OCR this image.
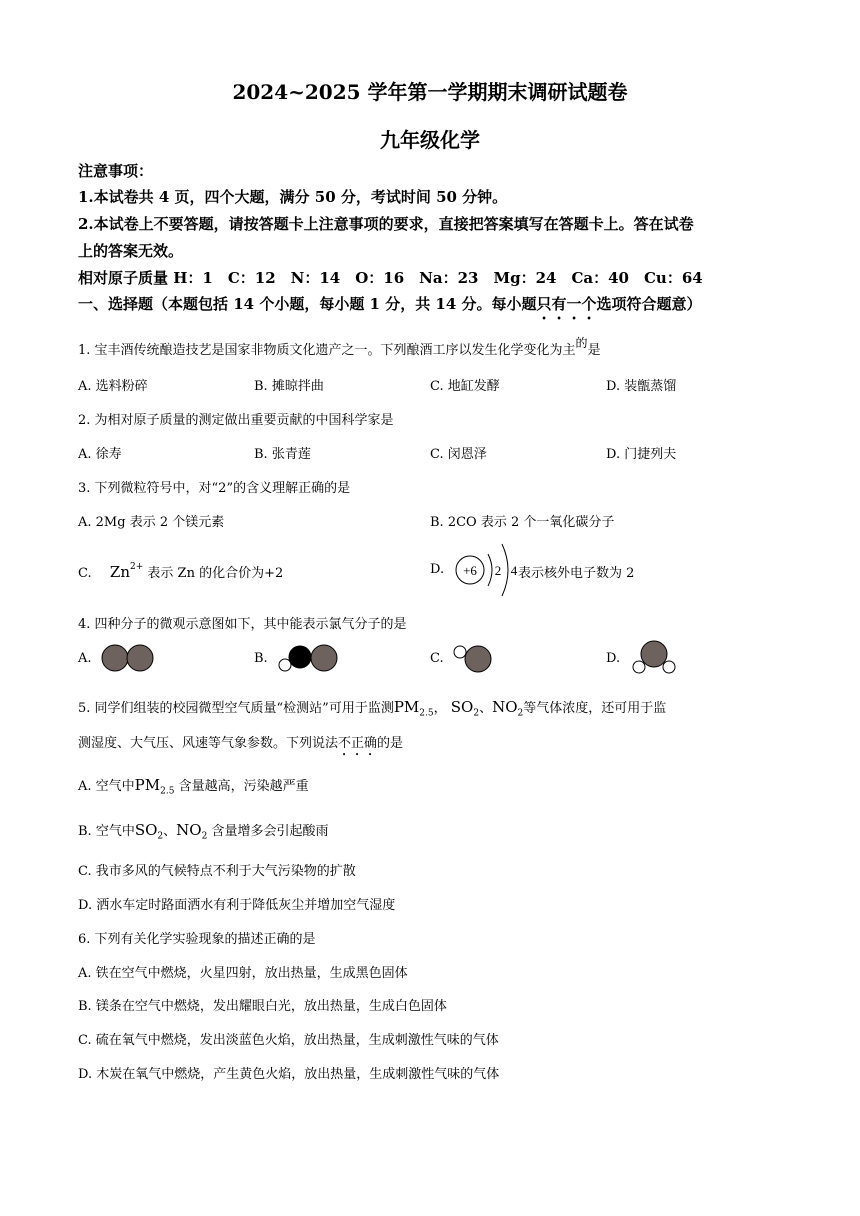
2024~2025 学年第一学期期末调研试题卷
九年级化学
注意事项：
1.本试卷共 4 页，四个大题，满分 50 分，考试时间 50 分钟。
2.本试卷上不要答题，请按答题卡上注意事项的要求，直接把答案填写在答题卡上。答在试卷
上的答案无效。
相对原子质量 H：1　C：12　N：14　O：16　Na：23　Mg：24　Ca：40　Cu：64
一、选择题（本题包括 14 个小题，每小题 1 分，共 14 分。每小题只有一个选项符合题意）
1. 宝丰酒传统酿造技艺是国家非物质文化遗产之一。下列酿酒工序以发生化学变化为主的是
A. 选料粉碎	B. 摊晾拌曲	C. 地缸发酵	D. 装甑蒸馏
2. 为相对原子质量的测定做出重要贡献的中国科学家是
A. 徐寿	B. 张青莲	C. 闵恩泽	D. 门捷列夫
3. 下列微粒符号中，对“2”的含义理解正确的是
A. 2Mg 表示 2 个镁元素	B. 2CO 表示 2 个一氧化碳分子
C. $Zn^{2+}$ 表示 Zn 的化合价为+2	D. +6 2 4 表示核外电子数为 2
4. 四种分子的微观示意图如下，其中能表示氯气分子的是
A.	B.	C.	D.
5. 同学们组装的校园微型空气质量“检测站”可用于监测$PM_{2.5}$， $SO_2$、$NO_2$等气体浓度，还可用于监
测湿度、大气压、风速等气象参数。下列说法不正确的是
A. 空气中$PM_{2.5}$ 含量越高，污染越严重
B. 空气中$SO_2$、$NO_2$ 含量增多会引起酸雨
C. 我市多风的气候特点不利于大气污染物的扩散
D. 洒水车定时路面洒水有利于降低灰尘并增加空气湿度
6. 下列有关化学实验现象的描述正确的是
A. 铁在空气中燃烧，火星四射，放出热量，生成黑色固体
B. 镁条在空气中燃烧，发出耀眼白光，放出热量，生成白色固体
C. 硫在氧气中燃烧，发出淡蓝色火焰，放出热量，生成刺激性气味的气体
D. 木炭在氧气中燃烧，产生黄色火焰，放出热量，生成刺激性气味的气体
